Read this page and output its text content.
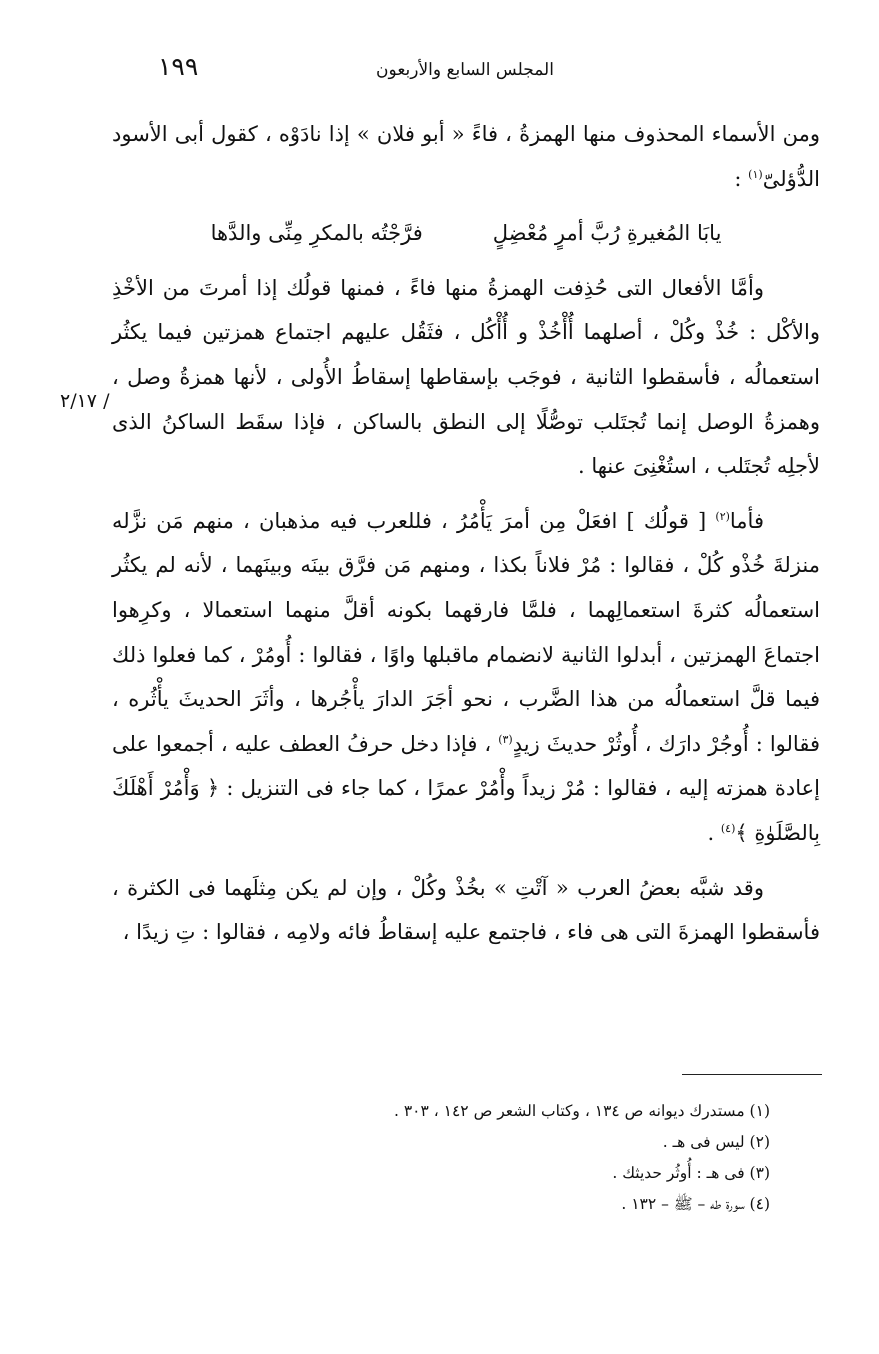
١٩٩	المجلس السابع والأربعون
٢/١٧ /

ومن الأسماء المحذوف منها الهمزةُ ، فاءً « أبو فلان » إذا نادَوْه ، كقول أبى الأسود الدُّؤلىّ$^{(١)}$ :

يابَا المُغيرةِ رُبَّ أمرٍ مُعْضِلٍ
فرَّجْتُه بالمكرِ مِنِّى والدَّها

وأمَّا الأفعال التى حُذِفت الهمزةُ منها فاءً ، فمنها قولُك إذا أمرتَ من الأخْذِ والأكْل : خُذْ وكُلْ ، أصلهما أُأْخُذْ و أُأْكُل ، فثَقُل عليهم اجتماع همزتين فيما يكثُر استعمالُه ، فأسقطوا الثانية ، فوجَب بإسقاطها إسقاطُ الأُولى ، لأنها همزةُ وصل ، وهمزةُ الوصل إنما تُجتَلب توصُّلًا إلى النطق بالساكن ، فإذا سقَط الساكنُ الذى لأجلِه تُجتَلب ، استُغْنِىَ عنها .

فأما$^{(٢)}$ [ قولُك ] افعَلْ مِن أمرَ يَأْمُرُ ، فللعرب فيه مذهبان ، منهم مَن نزَّله منزلةَ خُذْو كُلْ ، فقالوا : مُرْ فلاناً بكذا ، ومنهم مَن فرَّق بينَه وبينَهما ، لأنه لم يكثُر استعمالُه كثرةَ استعمالِهما ، فلمَّا فارقهما بكونه أقلَّ منهما استعمالا ، وكرِهوا اجتماعَ الهمزتين ، أبدلوا الثانية لانضمام ماقبلها واوًا ، فقالوا : أُومُرْ ، كما فعلوا ذلك فيما قلَّ استعمالُه من هذا الضَّرب ، نحو أجَرَ الدارَ يأْجُرها ، وأثَرَ الحديثَ يأْثُره ، فقالوا : أُوجُرْ دارَك ، أُوثُرْ حديثَ زيدٍ$^{(٣)}$ ، فإذا دخل حرفُ العطف عليه ، أجمعوا على إعادة همزته إليه ، فقالوا : مُرْ زيداً وأْمُرْ عمرًا ، كما جاء فى التنزيل : ﴿ وَأْمُرْ أَهْلَكَ بِالصَّلَوٰةِ ﴾$^{(٤)}$ .

وقد شبَّه بعضُ العرب « آتْتِ » بخُذْ وكُلْ ، وإن لم يكن مِثلَهما فى الكثرة ، فأسقطوا الهمزةَ التى هى فاء ، فاجتمع عليه إسقاطُ فائه ولامِه ، فقالوا : تِ زيدًا ،

(١) مستدرك ديوانه ص ١٣٤ ، وكتاب الشعر ص ١٤٢ ، ٣٠٣ .
(٢) ليس فى هـ .
(٣) فى هـ : أُوثُر حديثك .
(٤) سورة طه – ﷺ – ١٣٢ .
